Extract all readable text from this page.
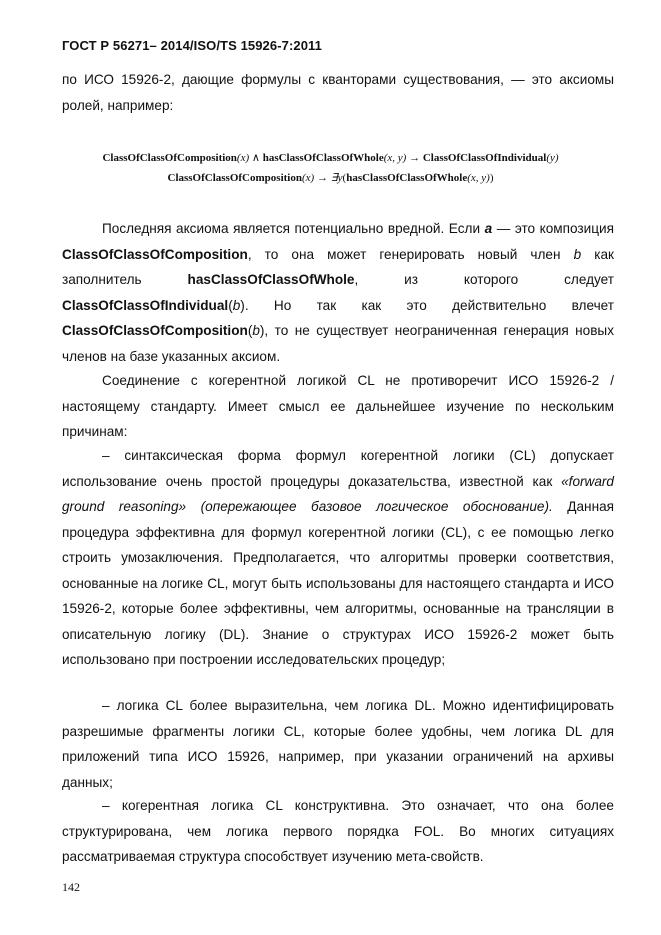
ГОСТ Р 56271– 2014/ISO/TS 15926-7:2011
по ИСО 15926-2, дающие формулы с кванторами существования, — это аксиомы ролей, например:
ClassOfClassOfComposition(x) ∧ hasClassOfClassOfWhole(x, y) → ClassOfClassOfIndividual(y)
ClassOfClassOfComposition(x) → ∃y(hasClassOfClassOfWhole(x, y))
Последняя аксиома является потенциально вредной. Если a — это композиция ClassOfClassOfComposition, то она может генерировать новый член b как заполнитель hasClassOfClassOfWhole, из которого следует ClassOfClassOfIndividual(b). Но так как это действительно влечет ClassOfClassOfComposition(b), то не существует неограниченная генерация новых членов на базе указанных аксиом.
Соединение с когерентной логикой CL не противоречит ИСО 15926-2 / настоящему стандарту. Имеет смысл ее дальнейшее изучение по нескольким причинам:
– синтаксическая форма формул когерентной логики (CL) допускает использование очень простой процедуры доказательства, известной как «forward ground reasoning» (опережающее базовое логическое обоснование). Данная процедура эффективна для формул когерентной логики (CL), с ее помощью легко строить умозаключения. Предполагается, что алгоритмы проверки соответствия, основанные на логике CL, могут быть использованы для настоящего стандарта и ИСО 15926-2, которые более эффективны, чем алгоритмы, основанные на трансляции в описательную логику (DL). Знание о структурах ИСО 15926-2 может быть использовано при построении исследовательских процедур;
– логика CL более выразительна, чем логика DL. Можно идентифицировать разрешимые фрагменты логики CL, которые более удобны, чем логика DL для приложений типа ИСО 15926, например, при указании ограничений на архивы данных;
– когерентная логика CL конструктивна. Это означает, что она более структурирована, чем логика первого порядка FOL. Во многих ситуациях рассматриваемая структура способствует изучению мета-свойств.
142
